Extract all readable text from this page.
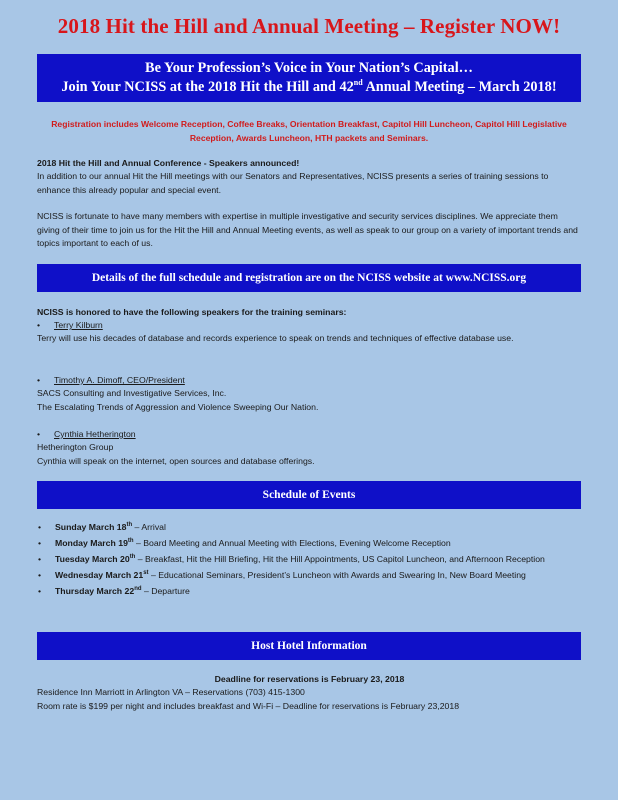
2018 Hit the Hill and Annual Meeting – Register NOW!
Be Your Profession’s Voice in Your Nation’s Capital…
Join Your NCISS at the 2018 Hit the Hill and 42nd Annual Meeting – March 2018!
Registration includes Welcome Reception, Coffee Breaks, Orientation Breakfast, Capitol Hill Luncheon, Capitol Hill Legislative Reception, Awards Luncheon, HTH packets and Seminars.
2018 Hit the Hill and Annual Conference - Speakers announced!
In addition to our annual Hit the Hill meetings with our Senators and Representatives, NCISS presents a series of training sessions to enhance this already popular and special event.
NCISS is fortunate to have many members with expertise in multiple investigative and security services disciplines. We appreciate them giving of their time to join us for the Hit the Hill and Annual Meeting events, as well as speak to our group on a variety of important trends and topics important to each of us.
Details of the full schedule and registration are on the NCISS website at www.NCISS.org
NCISS is honored to have the following speakers for the training seminars:
• Terry Kilburn
Terry will use his decades of database and records experience to speak on trends and techniques of effective database use.
• Timothy A. Dimoff, CEO/President
SACS Consulting and Investigative Services, Inc.
The Escalating Trends of Aggression and Violence Sweeping Our Nation.
• Cynthia Hetherington
Hetherington Group
Cynthia will speak on the internet, open sources and database offerings.
Schedule of Events
• Sunday March 18th – Arrival
• Monday March 19th – Board Meeting and Annual Meeting with Elections, Evening Welcome Reception
• Tuesday March 20th – Breakfast, Hit the Hill Briefing, Hit the Hill Appointments, US Capitol Luncheon, and Afternoon Reception
• Wednesday March 21st – Educational Seminars, President’s Luncheon with Awards and Swearing In, New Board Meeting
• Thursday March 22nd – Departure
Host Hotel Information
Deadline for reservations is February 23, 2018
Residence Inn Marriott in Arlington VA – Reservations (703) 415-1300
Room rate is $199 per night and includes breakfast and Wi-Fi – Deadline for reservations is February 23,2018
